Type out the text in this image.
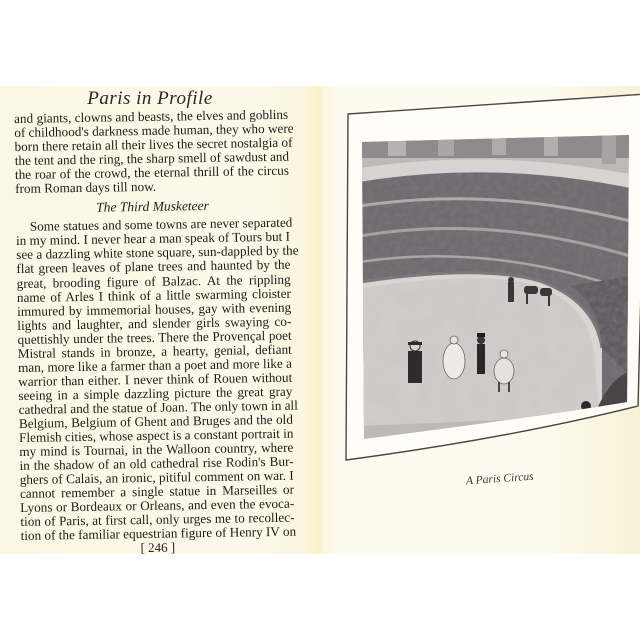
Paris in Profile
and giants, clowns and beasts, the elves and goblins
of childhood's darkness made human, they who were
born there retain all their lives the secret nostalgia of
the tent and the ring, the sharp smell of sawdust and
the roar of the crowd, the eternal thrill of the circus
from Roman days till now.
The Third Musketeer
Some statues and some towns are never separated
in my mind. I never hear a man speak of Tours but I
see a dazzling white stone square, sun-dappled by the
flat green leaves of plane trees and haunted by the
great, brooding figure of Balzac. At the rippling
name of Arles I think of a little swarming cloister
immured by immemorial houses, gay with evening
lights and laughter, and slender girls swaying co-
quettishly under the trees. There the Provençal poet
Mistral stands in bronze, a hearty, genial, defiant
man, more like a farmer than a poet and more like a
warrior than either. I never think of Rouen without
seeing in a simple dazzling picture the great gray
cathedral and the statue of Joan. The only town in all
Belgium, Belgium of Ghent and Bruges and the old
Flemish cities, whose aspect is a constant portrait in
my mind is Tournai, in the Walloon country, where
in the shadow of an old cathedral rise Rodin's Bur-
ghers of Calais, an ironic, pitiful comment on war. I
cannot remember a single statue in Marseilles or
Lyons or Bordeaux or Orleans, and even the evoca-
tion of Paris, at first call, only urges me to recollec-
tion of the familiar equestrian figure of Henry IV on
[ 246 ]
A Paris Circus
